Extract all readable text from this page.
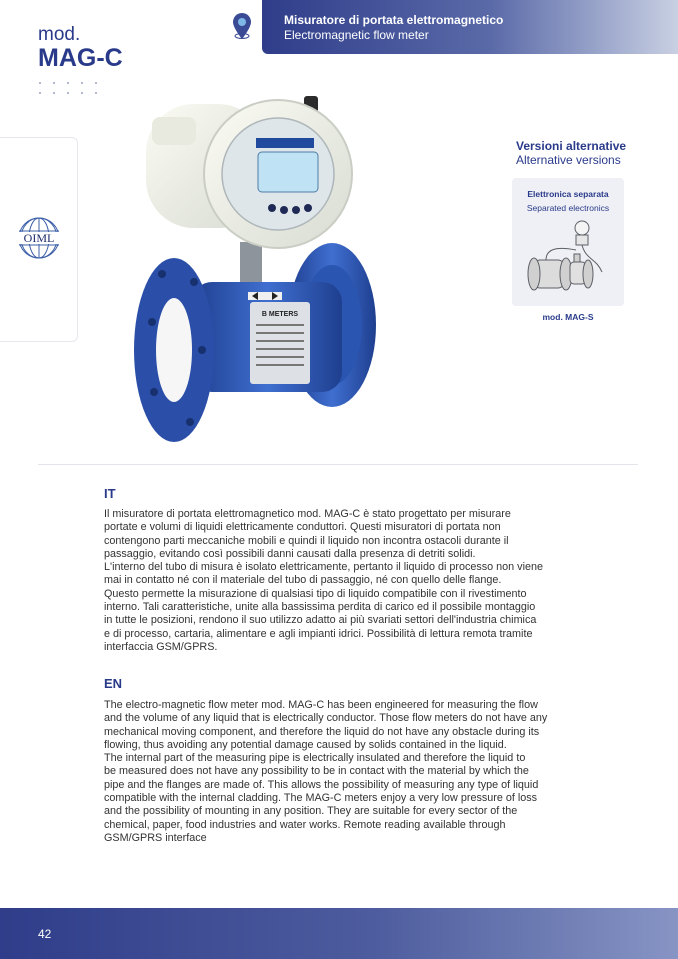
Misuratore di portata elettromagnetico
Electromagnetic flow meter
mod.
MAG-C
OIML
B METERS
Versioni alternative
Alternative versions
Elettronica separata
Separated electronics
mod. MAG-S
IT

Il misuratore di portata elettromagnetico mod. MAG-C è stato progettato per misurare
portate e volumi di liquidi elettricamente conduttori. Questi misuratori di portata non
contengono parti meccaniche mobili e quindi il liquido non incontra ostacoli durante il
passaggio, evitando così possibili danni causati dalla presenza di detriti solidi.
L'interno del tubo di misura è isolato elettricamente, pertanto il liquido di processo non viene
mai in contatto né con il materiale del tubo di passaggio, né con quello delle flange.
Questo permette la misurazione di qualsiasi tipo di liquido compatibile con il rivestimento
interno. Tali caratteristiche, unite alla bassissima perdita di carico ed il possibile montaggio
in tutte le posizioni, rendono il suo utilizzo adatto ai più svariati settori dell'industria chimica
e di processo, cartaria, alimentare e agli impianti idrici. Possibilità di lettura remota tramite
interfaccia GSM/GPRS.

EN

The electro-magnetic flow meter mod. MAG-C has been engineered for measuring the flow
and the volume of any liquid that is electrically conductor. Those flow meters do not have any
mechanical moving component, and therefore the liquid do not have any obstacle during its
flowing, thus avoiding any potential damage caused by solids contained in the liquid.
The internal part of the measuring pipe is electrically insulated and therefore the liquid to
be measured does not have any possibility to be in contact with the material by which the
pipe and the flanges are made of. This allows the possibility of measuring any type of liquid
compatible with the internal cladding. The MAG-C meters enjoy a very low pressure of loss
and the possibility of mounting in any position. They are suitable for every sector of the
chemical, paper, food industries and water works. Remote reading available through
GSM/GPRS interface

42
